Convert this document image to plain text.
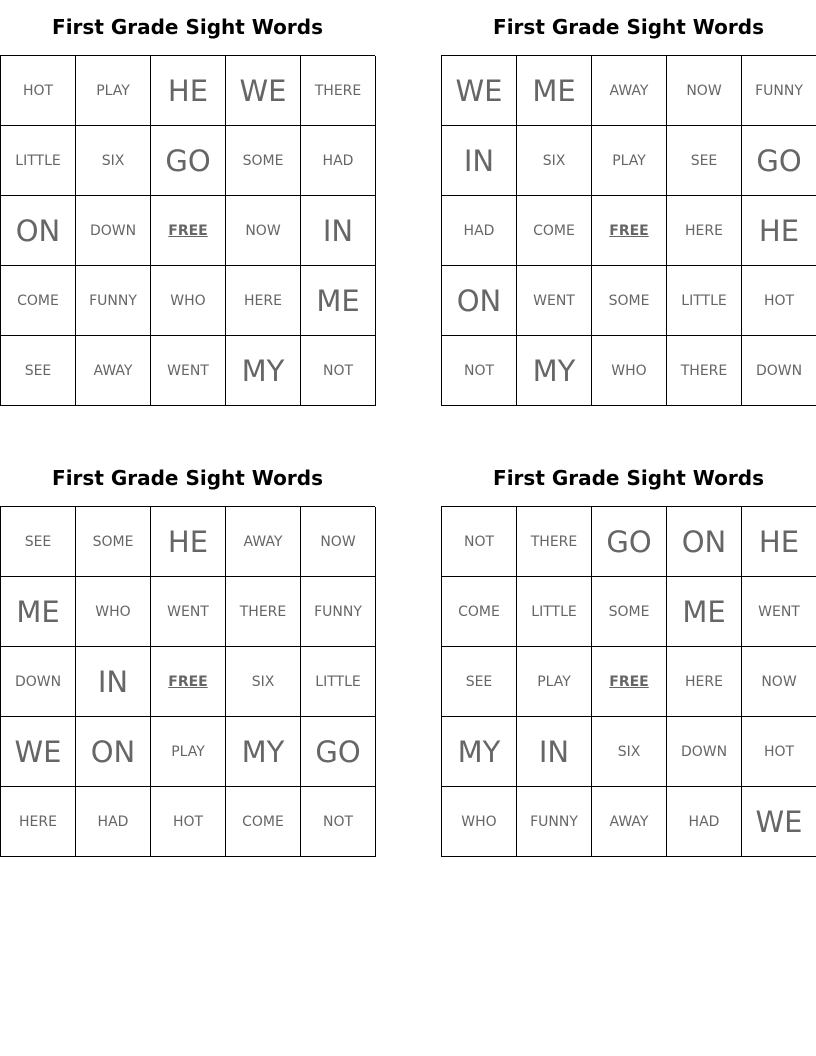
First Grade Sight Words
HOT	PLAY	HE	WE	THERE
LITTLE	SIX	GO	SOME	HAD
ON	DOWN	FREE	NOW	IN
COME	FUNNY	WHO	HERE	ME
SEE	AWAY	WENT	MY	NOT
First Grade Sight Words
WE	ME	AWAY	NOW	FUNNY
IN	SIX	PLAY	SEE	GO
HAD	COME	FREE	HERE	HE
ON	WENT	SOME	LITTLE	HOT
NOT	MY	WHO	THERE	DOWN
First Grade Sight Words
SEE	SOME	HE	AWAY	NOW
ME	WHO	WENT	THERE	FUNNY
DOWN	IN	FREE	SIX	LITTLE
WE	ON	PLAY	MY	GO
HERE	HAD	HOT	COME	NOT
First Grade Sight Words
NOT	THERE	GO	ON	HE
COME	LITTLE	SOME	ME	WENT
SEE	PLAY	FREE	HERE	NOW
MY	IN	SIX	DOWN	HOT
WHO	FUNNY	AWAY	HAD	WE
